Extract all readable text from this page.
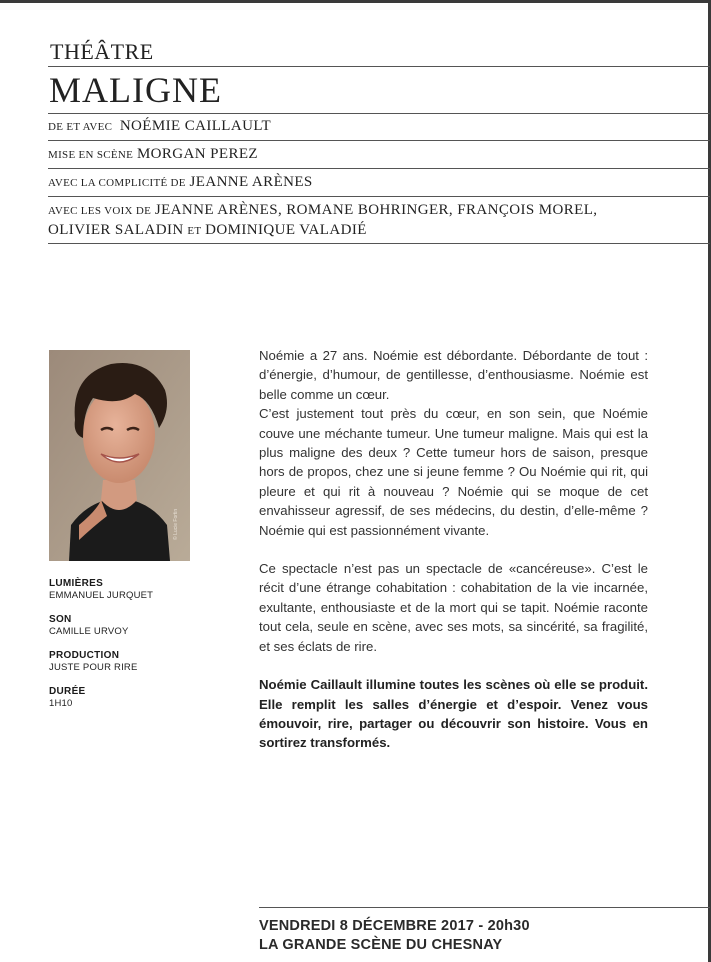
THÉÂTRE
MALIGNE
DE ET AVEC NOÉMIE CAILLAULT
MISE EN SCÈNE MORGAN PEREZ
AVEC LA COMPLICITÉ DE JEANNE ARÈNES
AVEC LES VOIX DE JEANNE ARÈNES, ROMANE BOHRINGER, FRANÇOIS MOREL,
OLIVIER SALADIN ET DOMINIQUE VALADIÉ
© Lucie Fortin
LUMIÈRES
EMMANUEL JURQUET
SON
CAMILLE URVOY
PRODUCTION
JUSTE POUR RIRE
DURÉE
1H10

Noémie a 27 ans. Noémie est débordante. Débordante de tout : d’énergie, d’humour, de gentillesse, d’enthousiasme. Noémie est belle comme un cœur.

C’est justement tout près du cœur, en son sein, que Noémie couve une méchante tumeur. Une tumeur maligne. Mais qui est la plus maligne des deux ? Cette tumeur hors de saison, presque hors de propos, chez une si jeune femme ? Ou Noémie qui rit, qui pleure et qui rit à nouveau ? Noémie qui se moque de cet envahisseur agressif, de ses médecins, du destin, d’elle-même ? Noémie qui est passionnément vivante.

Ce spectacle n’est pas un spectacle de «cancéreuse». C’est le récit d’une étrange cohabitation : cohabitation de la vie incarnée, exultante, enthousiaste et de la mort qui se tapit. Noémie raconte tout cela, seule en scène, avec ses mots, sa sincérité, sa fragilité, et ses éclats de rire.

Noémie Caillault illumine toutes les scènes où elle se produit. Elle remplit les salles d’énergie et d’espoir. Venez vous émouvoir, rire, partager ou découvrir son histoire. Vous en sortirez transformés.

VENDREDI 8 DÉCEMBRE 2017 - 20h30
LA GRANDE SCÈNE DU CHESNAY
